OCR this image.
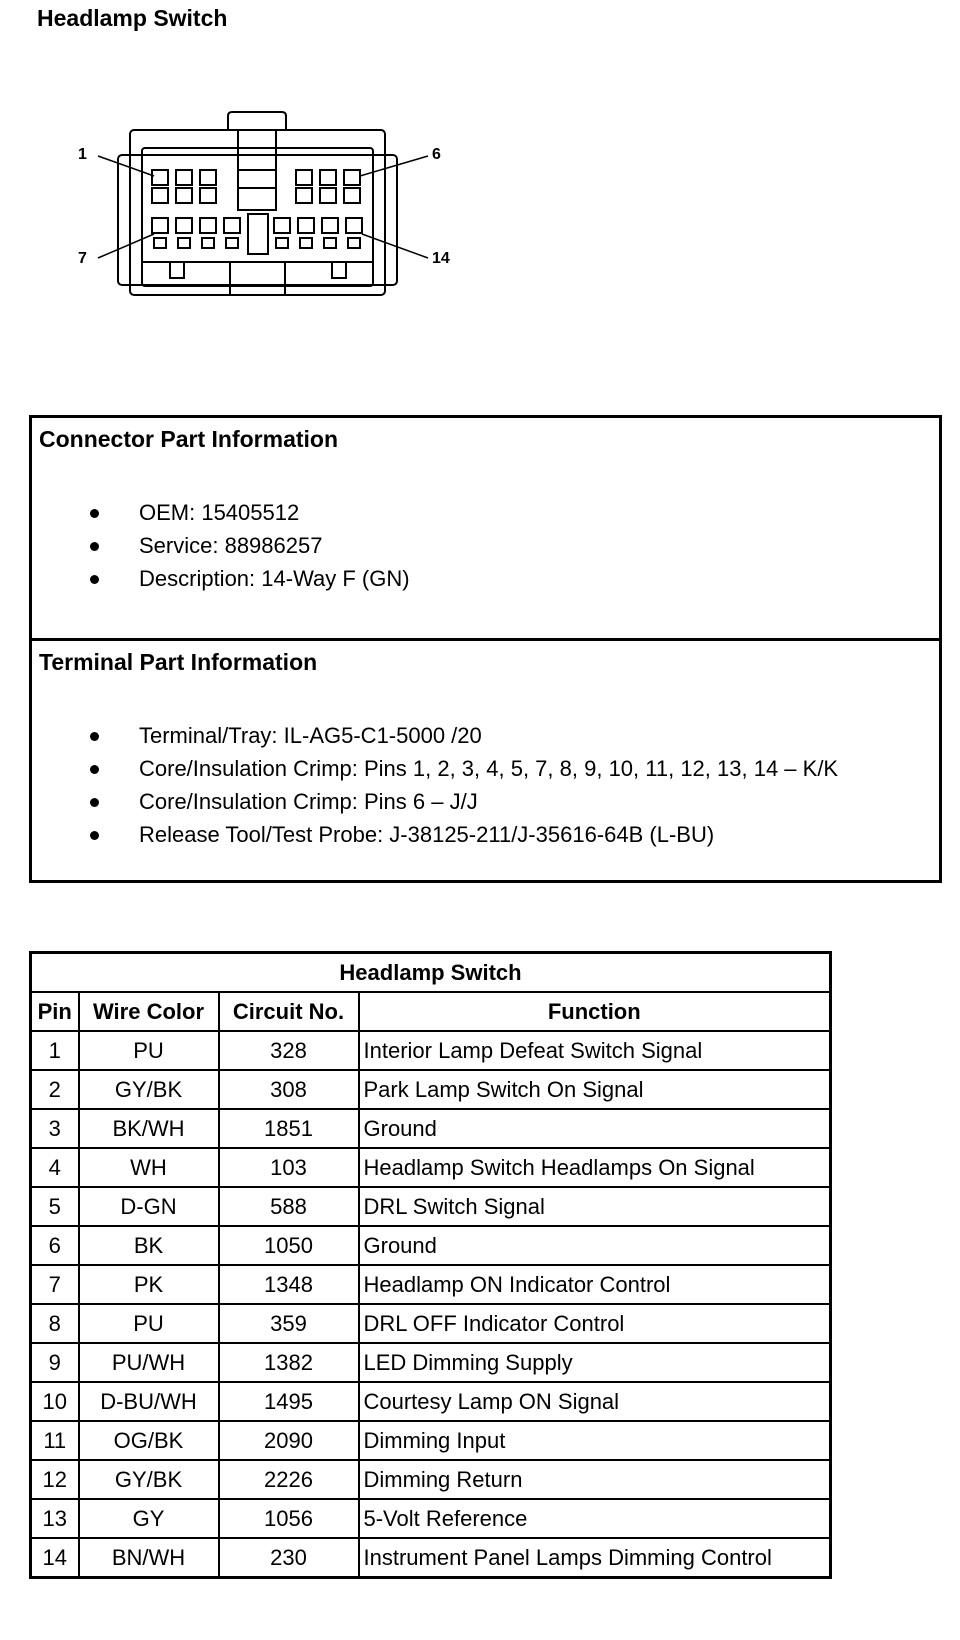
Headlamp Switch
1	6
7	14
Connector Part Information
OEM: 15405512
Service: 88986257
Description: 14-Way F (GN)
Terminal Part Information
Terminal/Tray: IL-AG5-C1-5000 /20
Core/Insulation Crimp: Pins 1, 2, 3, 4, 5, 7, 8, 9, 10, 11, 12, 13, 14 – K/K
Core/Insulation Crimp: Pins 6 – J/J
Release Tool/Test Probe: J-38125-211/J-35616-64B (L-BU)
Headlamp Switch			
Pin	Wire Color	Circuit No.	Function
1	PU	328	Interior Lamp Defeat Switch Signal
2	GY/BK	308	Park Lamp Switch On Signal
3	BK/WH	1851	Ground
4	WH	103	Headlamp Switch Headlamps On Signal
5	D-GN	588	DRL Switch Signal
6	BK	1050	Ground
7	PK	1348	Headlamp ON Indicator Control
8	PU	359	DRL OFF Indicator Control
9	PU/WH	1382	LED Dimming Supply
10	D-BU/WH	1495	Courtesy Lamp ON Signal
11	OG/BK	2090	Dimming Input
12	GY/BK	2226	Dimming Return
13	GY	1056	5-Volt Reference
14	BN/WH	230	Instrument Panel Lamps Dimming Control
